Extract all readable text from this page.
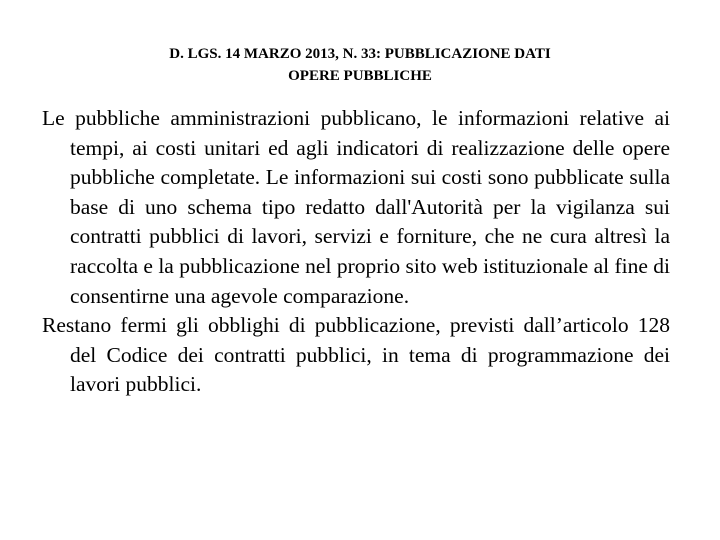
D. LGS. 14 MARZO 2013, N. 33: PUBBLICAZIONE DATI
OPERE PUBBLICHE

Le pubbliche amministrazioni pubblicano, le informazioni relative ai tempi, ai costi unitari ed agli indicatori di realizzazione delle opere pubbliche completate. Le informazioni sui costi sono pubblicate sulla base di uno schema tipo redatto dall'Autorità per la vigilanza sui contratti pubblici di lavori, servizi e forniture, che ne cura altresì la raccolta e la pubblicazione nel proprio sito web istituzionale al fine di consentirne una agevole comparazione.

Restano fermi gli obblighi di pubblicazione, previsti dall’articolo 128 del Codice dei contratti pubblici, in tema di programmazione dei lavori pubblici.
